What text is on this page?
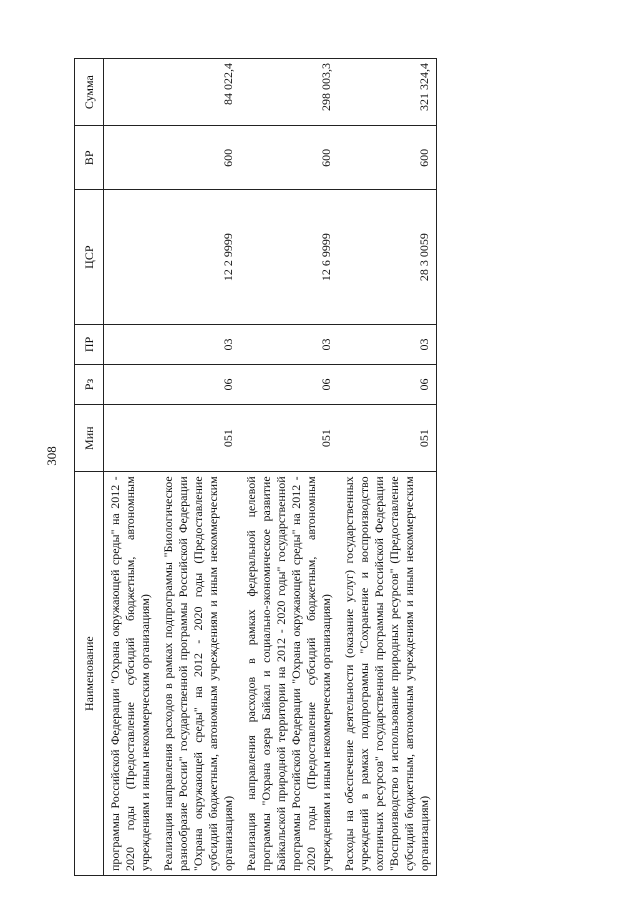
308
Наименование	Мин	Рз	ПР	ЦСР	ВР	Сумма
программы Российской Федерации "Охрана окружающей среды" на 2012 - 2020 годы (Предоставление субсидий бюджетным, автономным учреждениям и иным некоммерческим организациям)						
Реализация направления расходов в рамках подпрограммы "Биологическое разнообразие России" государственной программы Российской Федерации "Охрана окружающей среды" на 2012 - 2020 годы (Предоставление субсидий бюджетным, автономным учреждениям и иным некоммерческим организациям)	051	06	03	12 2 9999	600	84 022,4
Реализация направления расходов в рамках федеральной целевой программы "Охрана озера Байкал и социально-экономическое развитие Байкальской природной территории на 2012 - 2020 годы" государственной программы Российской Федерации "Охрана окружающей среды" на 2012 - 2020 годы (Предоставление субсидий бюджетным, автономным учреждениям и иным некоммерческим организациям)	051	06	03	12 6 9999	600	298 003,3
Расходы на обеспечение деятельности (оказание услуг) государственных учреждений в рамках подпрограммы "Сохранение и воспроизводство охотничьих ресурсов" государственной программы Российской Федерации "Воспроизводство и использование природных ресурсов" (Предоставление субсидий бюджетным, автономным учреждениям и иным некоммерческим организациям)	051	06	03	28 3 0059	600	321 324,4
